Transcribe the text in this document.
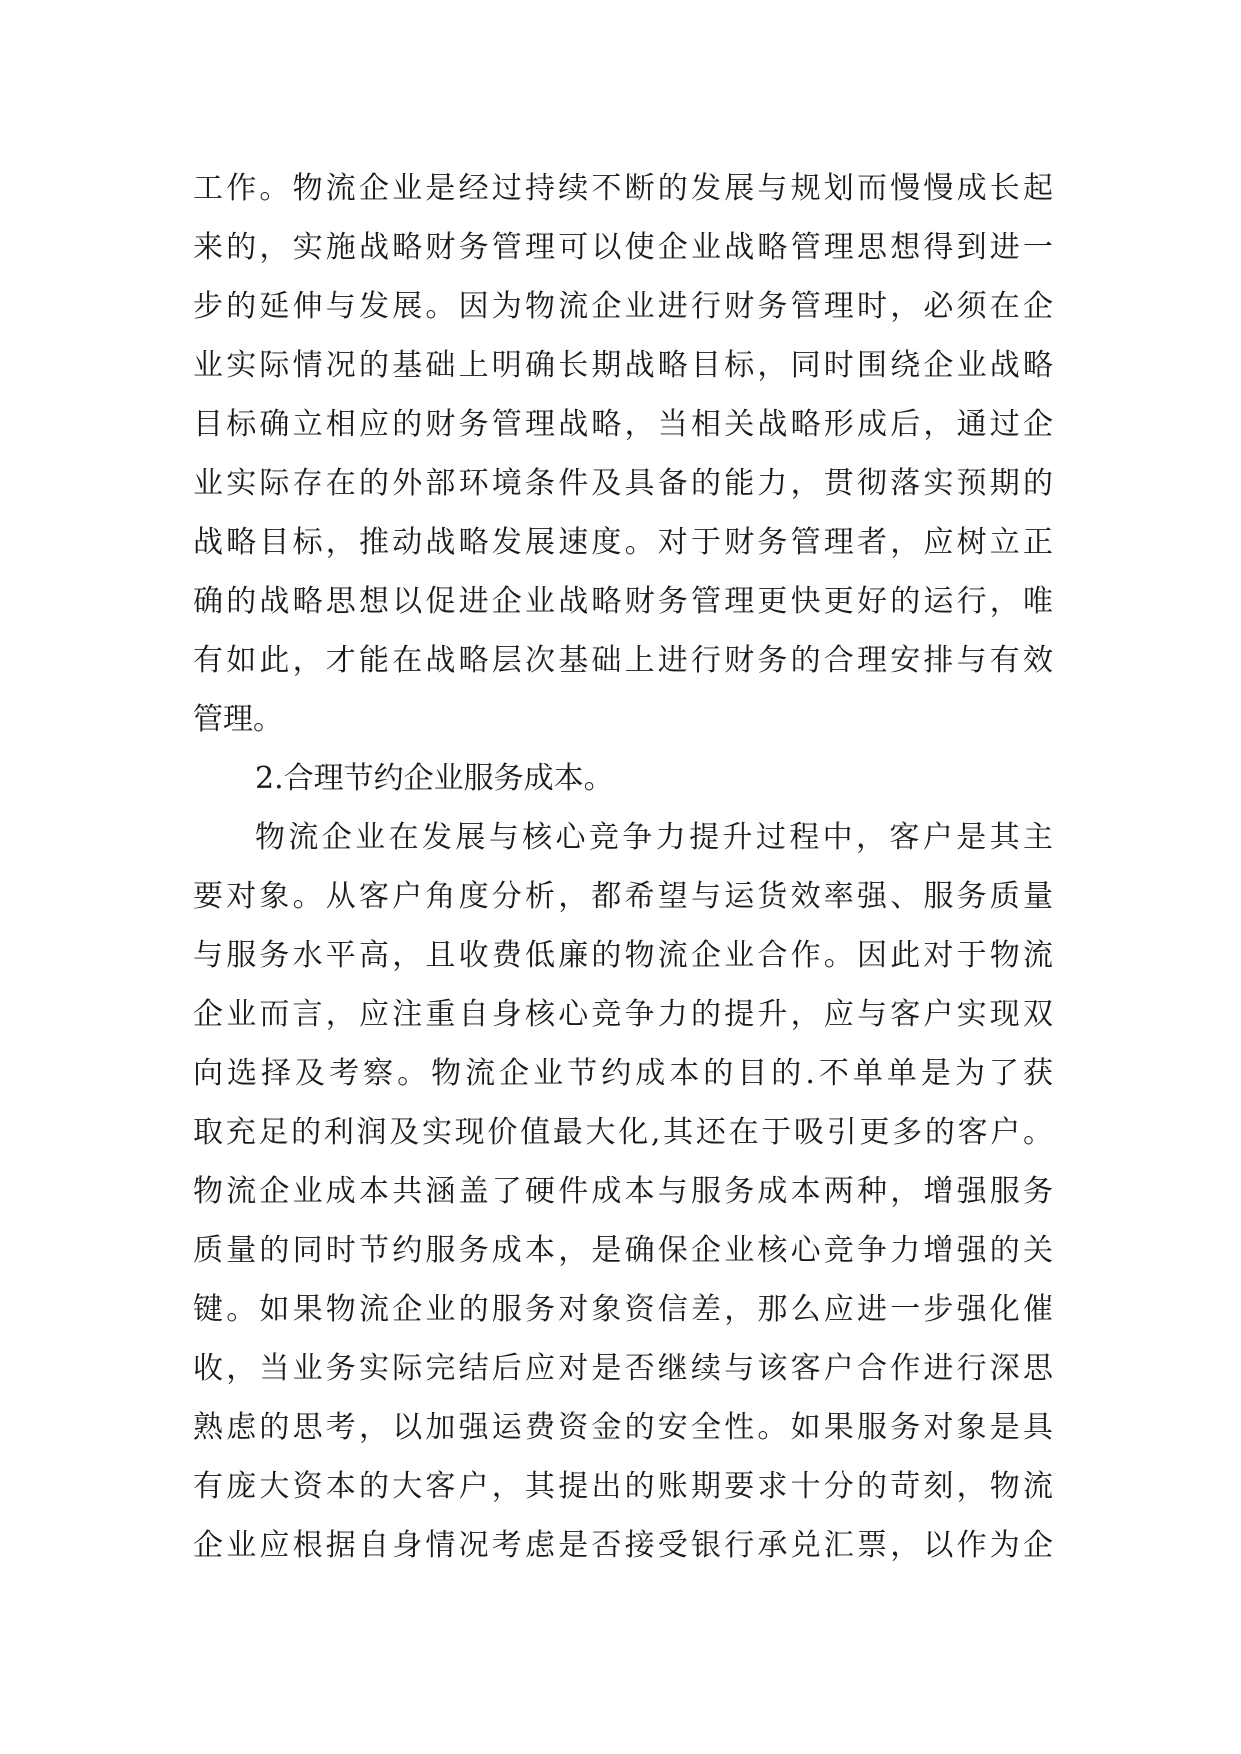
工作。物流企业是经过持续不断的发展与规划而慢慢成长起
来的，实施战略财务管理可以使企业战略管理思想得到进一
步的延伸与发展。因为物流企业进行财务管理时，必须在企
业实际情况的基础上明确长期战略目标，同时围绕企业战略
目标确立相应的财务管理战略，当相关战略形成后，通过企
业实际存在的外部环境条件及具备的能力，贯彻落实预期的
战略目标，推动战略发展速度。对于财务管理者，应树立正
确的战略思想以促进企业战略财务管理更快更好的运行，唯
有如此，才能在战略层次基础上进行财务的合理安排与有效
管理。
2.合理节约企业服务成本。
物流企业在发展与核心竞争力提升过程中，客户是其主
要对象。从客户角度分析，都希望与运货效率强、服务质量
与服务水平高，且收费低廉的物流企业合作。因此对于物流
企业而言，应注重自身核心竞争力的提升，应与客户实现双
向选择及考察。物流企业节约成本的目的.不单单是为了获
取充足的利润及实现价值最大化,其还在于吸引更多的客户。
物流企业成本共涵盖了硬件成本与服务成本两种，增强服务
质量的同时节约服务成本，是确保企业核心竞争力增强的关
键。如果物流企业的服务对象资信差，那么应进一步强化催
收，当业务实际完结后应对是否继续与该客户合作进行深思
熟虑的思考，以加强运费资金的安全性。如果服务对象是具
有庞大资本的大客户，其提出的账期要求十分的苛刻，物流
企业应根据自身情况考虑是否接受银行承兑汇票，以作为企
